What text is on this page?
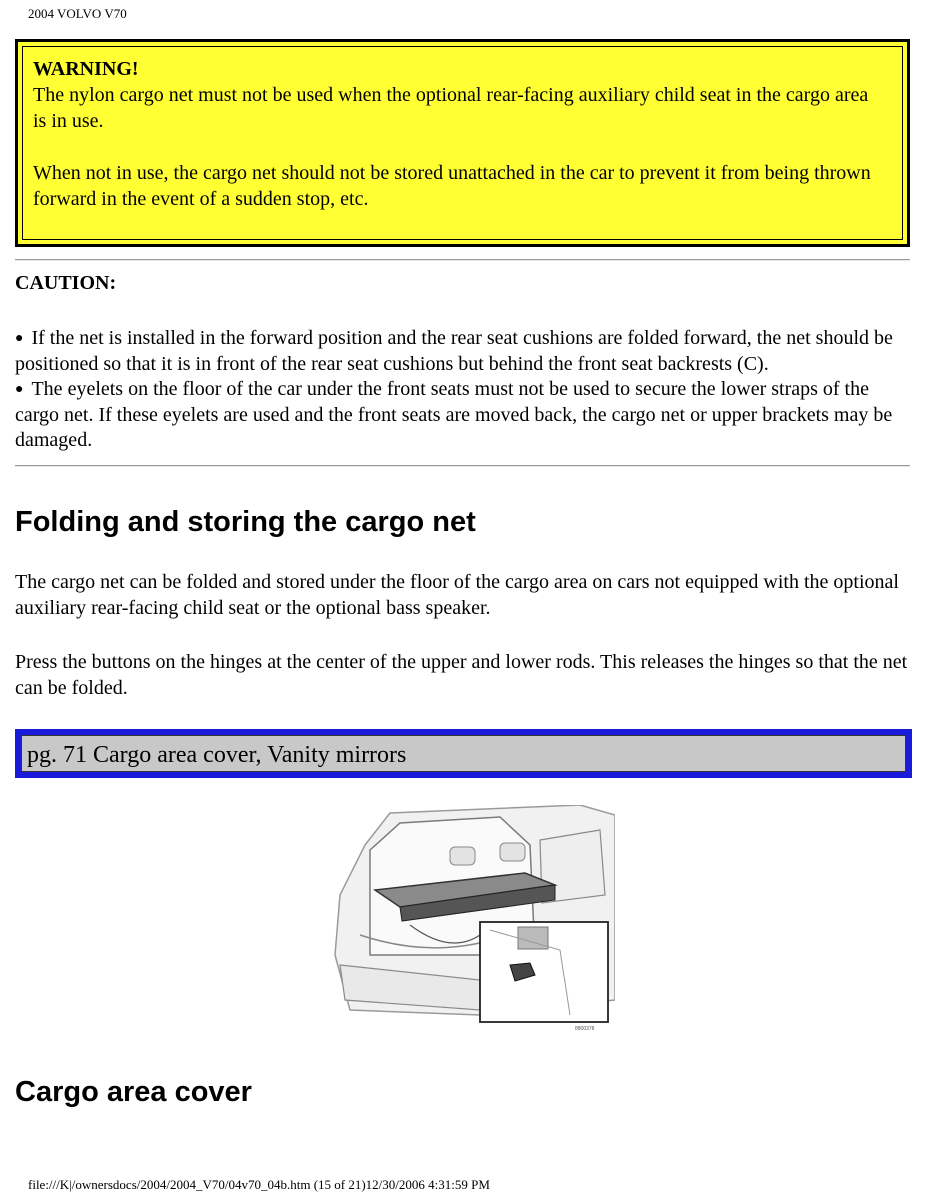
2004 VOLVO V70
WARNING!
The nylon cargo net must not be used when the optional rear-facing auxiliary child seat in the cargo area is in use.
When not in use, the cargo net should not be stored unattached in the car to prevent it from being thrown forward in the event of a sudden stop, etc.
CAUTION:
● If the net is installed in the forward position and the rear seat cushions are folded forward, the net should be positioned so that it is in front of the rear seat cushions but behind the front seat backrests (C).
● The eyelets on the floor of the car under the front seats must not be used to secure the lower straps of the cargo net. If these eyelets are used and the front seats are moved back, the cargo net or upper brackets may be damaged.
Folding and storing the cargo net
The cargo net can be folded and stored under the floor of the cargo area on cars not equipped with the optional auxiliary rear-facing child seat or the optional bass speaker.
Press the buttons on the hinges at the center of the upper and lower rods. This releases the hinges so that the net can be folded.
pg. 71 Cargo area cover, Vanity mirrors
8800378
Cargo area cover
file:///K|/ownersdocs/2004/2004_V70/04v70_04b.htm (15 of 21)12/30/2006 4:31:59 PM
